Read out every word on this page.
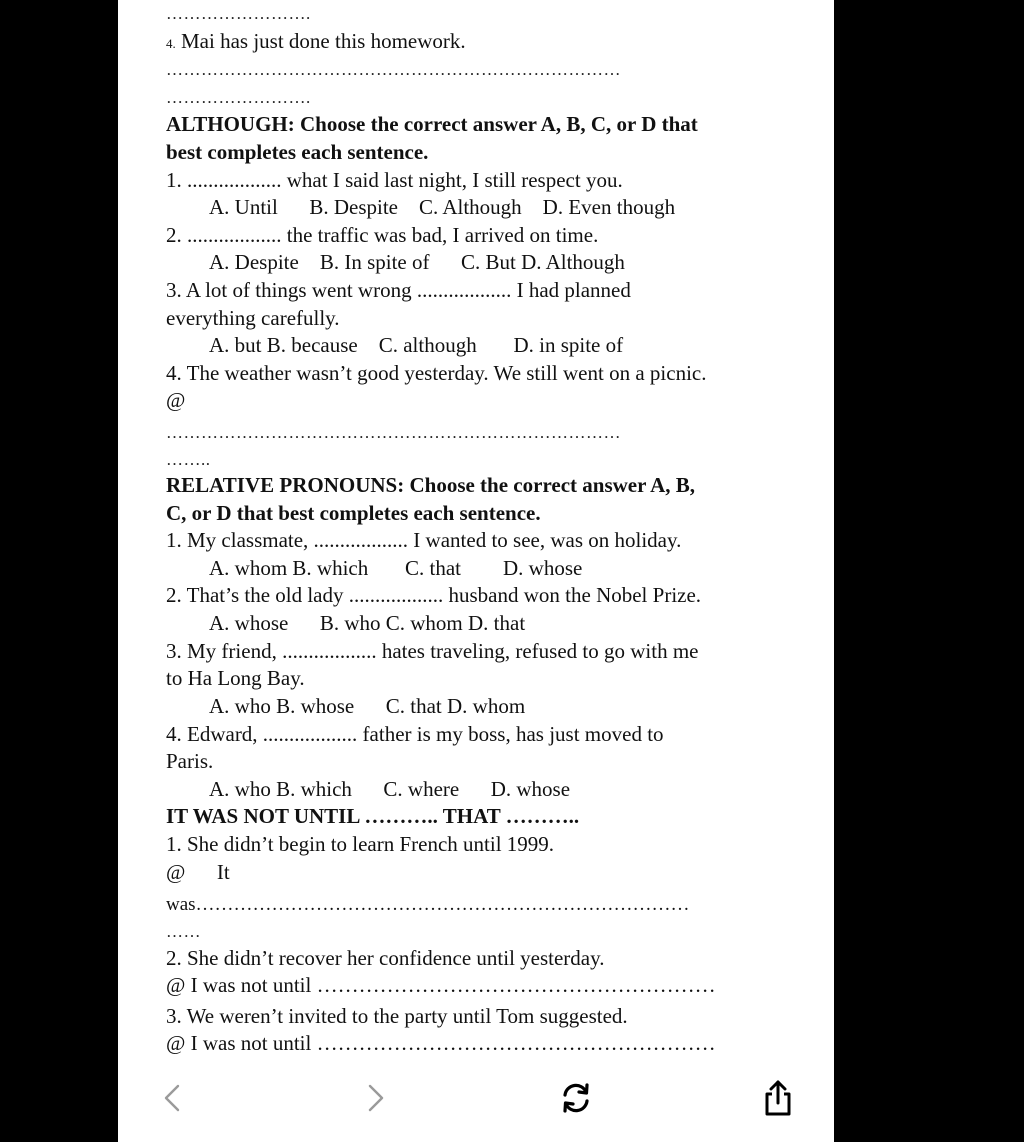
…………………….
4. Mai has just done this homework.
……………………………………………………………………
…………………….
ALTHOUGH: Choose the correct answer A, B, C, or D that
best completes each sentence.
1. .................. what I said last night, I still respect you.
A. Until      B. Despite    C. Although    D. Even though
2. .................. the traffic was bad, I arrived on time.
A. Despite    B. In spite of      C. But D. Although
3. A lot of things went wrong .................. I had planned
everything carefully.
A. but B. because    C. although       D. in spite of
4. The weather wasn’t good yesterday. We still went on a picnic.
@
……………………………………………………………………
……..
RELATIVE PRONOUNS: Choose the correct answer A, B,
C, or D that best completes each sentence.
1. My classmate, .................. I wanted to see, was on holiday.
A. whom B. which       C. that        D. whose
2. That’s the old lady .................. husband won the Nobel Prize.
A. whose      B. who C. whom D. that
3. My friend, .................. hates traveling, refused to go with me
to Ha Long Bay.
A. who B. whose      C. that D. whom
4. Edward, .................. father is my boss, has just moved to
Paris.
A. who B. which      C. where      D. whose
IT WAS NOT UNTIL ……….. THAT ………..
1. She didn’t begin to learn French until 1999.
@      It
was……………………………………………………………………
……
2. She didn’t recover her confidence until yesterday.
@ I was not until …………………………………………………
3. We weren’t invited to the party until Tom suggested.
@ I was not until …………………………………………………
